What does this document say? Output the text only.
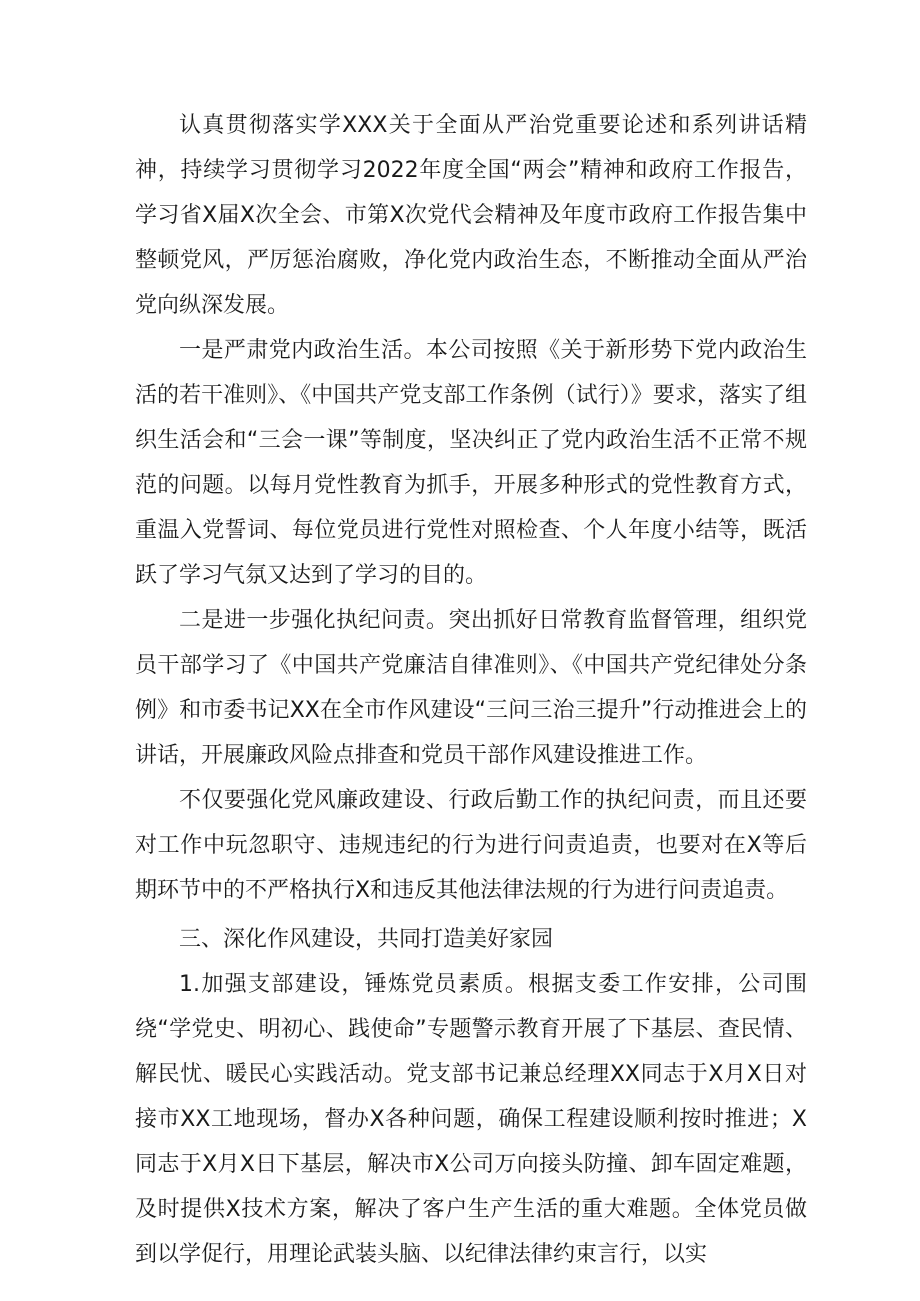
认真贯彻落实学XXX关于全面从严治党重要论述和系列讲话精神，持续学习贯彻学习2022年度全国“两会”精神和政府工作报告，学习省X届X次全会、市第X次党代会精神及年度市政府工作报告集中整顿党风，严厉惩治腐败，净化党内政治生态，不断推动全面从严治党向纵深发展。

一是严肃党内政治生活。本公司按照《关于新形势下党内政治生活的若干准则》、《中国共产党支部工作条例（试行）》要求，落实了组织生活会和“三会一课”等制度，坚决纠正了党内政治生活不正常不规范的问题。以每月党性教育为抓手，开展多种形式的党性教育方式，重温入党誓词、每位党员进行党性对照检查、个人年度小结等，既活跃了学习气氛又达到了学习的目的。

二是进一步强化执纪问责。突出抓好日常教育监督管理，组织党员干部学习了《中国共产党廉洁自律准则》、《中国共产党纪律处分条例》和市委书记XX在全市作风建设“三问三治三提升”行动推进会上的讲话，开展廉政风险点排查和党员干部作风建设推进工作。

不仅要强化党风廉政建设、行政后勤工作的执纪问责，而且还要对工作中玩忽职守、违规违纪的行为进行问责追责，也要对在X等后期环节中的不严格执行X和违反其他法律法规的行为进行问责追责。

三、深化作风建设，共同打造美好家园

1.加强支部建设，锤炼党员素质。根据支委工作安排，公司围绕“学党史、明初心、践使命”专题警示教育开展了下基层、查民情、解民忧、暖民心实践活动。党支部书记兼总经理XX同志于X月X日对接市XX工地现场，督办X各种问题，确保工程建设顺利按时推进；X同志于X月X日下基层，解决市X公司万向接头防撞、卸车固定难题，及时提供X技术方案，解决了客户生产生活的重大难题。全体党员做到以学促行，用理论武装头脑、以纪律法律约束言行，以实
